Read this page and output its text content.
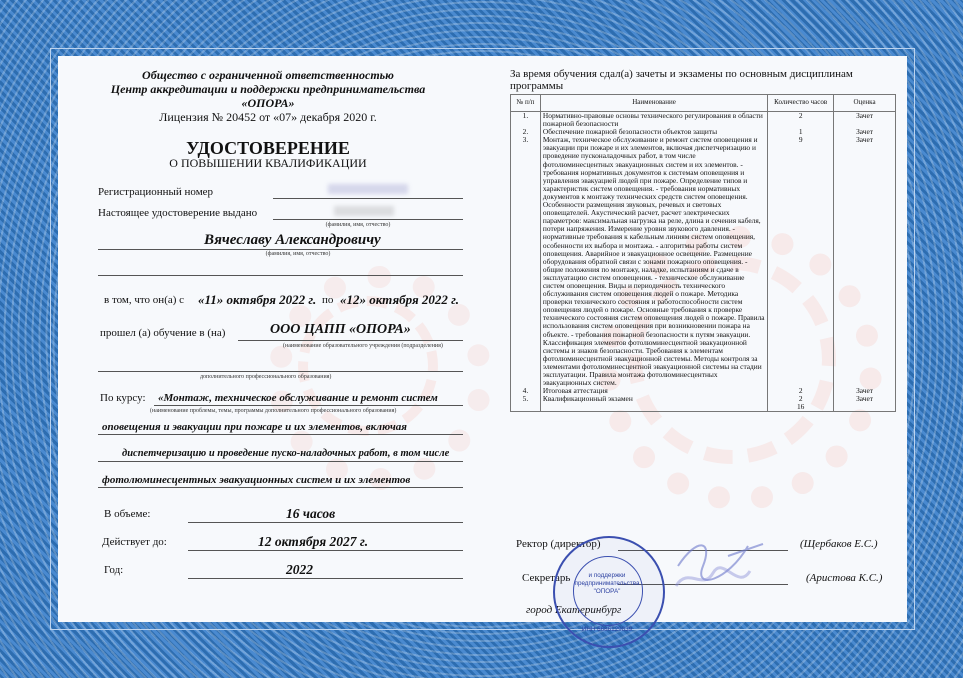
Общество с ограниченной ответственностью
Центр аккредитации и поддержки предпринимательства
«ОПОРА»
Лицензия № 20452 от «07» декабря 2020 г.
УДОСТОВЕРЕНИЕ
О ПОВЫШЕНИИ КВАЛИФИКАЦИИ
Регистрационный номер
Настоящее удостоверение выдано
(фамилия, имя, отчество)
Вячеславу Александровичу
(фамилия, имя, отчество)
в том, что он(а) с «11» октября 2022 г. по «12» октября 2022 г.
прошел (а) обучение в (на)	ООО ЦАПП «ОПОРА»
(наименование образовательного учреждения (подразделения)
дополнительного профессионального образования)
По курсу: «Монтаж, техническое обслуживание и ремонт систем
(наименование проблемы, темы, программы дополнительного профессионального образования)
оповещения и эвакуации при пожаре и их элементов, включая
диспетчеризацию и проведение пуско-наладочных работ, в том числе
фотолюминесцентных эвакуационных систем и их элементов
В объеме:	16 часов
Действует до:	12 октября 2027 г.
Год:	2022
За время обучения сдал(а) зачеты и экзамены по основным дисциплинам программы
№ п/п	Наименование	Количество часов	Оценка
1.	Нормативно-правовые основы технического регулирования в области пожарной безопасности	2	Зачет
2.	Обеспечение пожарной безопасности объектов защиты	1	Зачет
3.	Монтаж, техническое обслуживание и ремонт систем оповещения и эвакуации при пожаре и их элементов, включая диспетчеризацию и проведение пусконаладочных работ, в том числе фотолюминесцентных эвакуационных систем и их элементов. - требования нормативных документов к системам оповещения и управления эвакуацией людей при пожаре. Определение типов и характеристик систем оповещения. - требования нормативных документов к монтажу технических средств систем оповещения. Особенности размещения звуковых, речевых и световых оповещателей. Акустический расчет, расчет электрических параметров: максимальная нагрузка на реле, длина и сечения кабеля, потери напряжения. Измерение уровня звукового давления. - нормативные требования к кабельным линиям систем оповещения, особенности их выбора и монтажа. - алгоритмы работы систем оповещения. Аварийное и эвакуационное освещение. Размещение оборудования обратной связи с зонами пожарного оповещения. - общие положения по монтажу, наладке, испытаниям и сдаче в эксплуатацию систем оповещения. - техническое обслуживание систем оповещения. Виды и периодичность технического обслуживания систем оповещения людей о пожаре. Методика проверки технического состояния и работоспособности систем оповещения людей о пожаре. Основные требования к проверке технического состояния систем оповещения людей о пожаре. Правила использования систем оповещения при возникновении пожара на объекте. - требования пожарной безопасности к путям эвакуации. Классификация элементов фотолюминесцентной эвакуационной системы и знаков безопасности. Требования к элементам фотолюминесцентной эвакуационной системы. Методы контроля за элементами фотолюминесцентной эвакуационной системы на стадии эксплуатации. Правила монтажа фотолюминесцентных эвакуационных систем.	9	Зачет
4.	Итоговая аттестация	2	Зачет
5.	Квалификационный экзамен	2	Зачет
		16	
Ректор (директор)	(Щербаков Е.С.)
Секретарь	(Аристова К.С.)
город Екатеринбург
и поддержки
предпринимательства
"ОПОРА"
ИНН 6686129839
